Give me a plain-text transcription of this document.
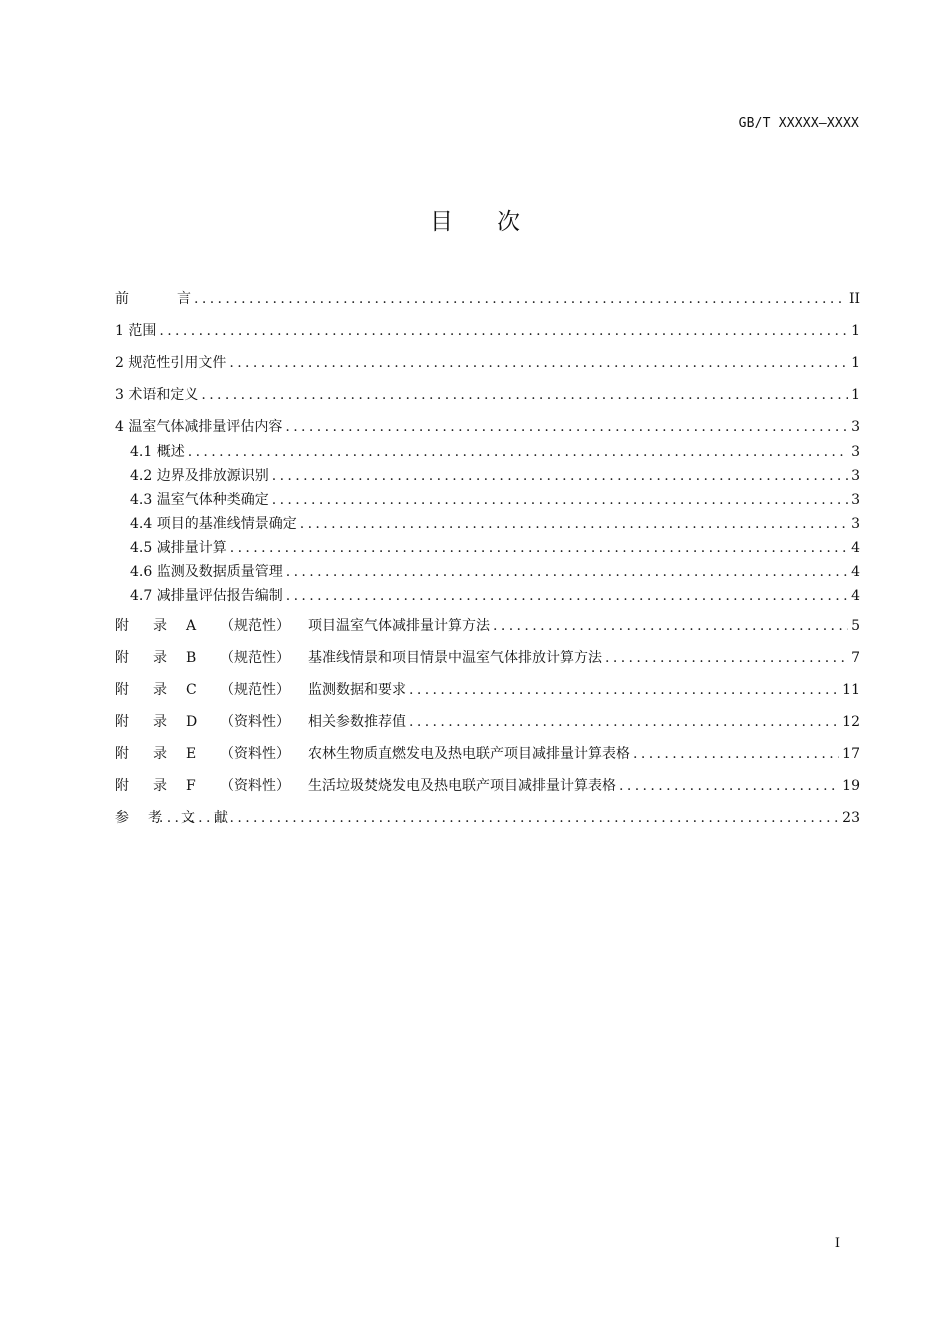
GB/T XXXXX—XXXX
目次
前	言 .....	II
1 范围 .....	1
2 规范性引用文件 .....	1
3 术语和定义 .....	1
4 温室气体减排量评估内容 .....	3
4.1 概述 .....	3
4.2 边界及排放源识别 .....	3
4.3 温室气体种类确定 .....	3
4.4 项目的基准线情景确定 .....	3
4.5 减排量计算 .....	4
4.6 监测及数据质量管理 .....	4
4.7 减排量评估报告编制 .....	4
附 录 A （规范性） 项目温室气体减排量计算方法 .....	5
附 录 B （规范性） 基准线情景和项目情景中温室气体排放计算方法 .....	7
附 录 C （规范性） 监测数据和要求 .....	11
附 录 D （资料性） 相关参数推荐值 .....	12
附 录 E （资料性） 农林生物质直燃发电及热电联产项目减排量计算表格 .....	17
附 录 F （资料性） 生活垃圾焚烧发电及热电联产项目减排量计算表格 .....	19
参 考 文 献 .....	23
I
